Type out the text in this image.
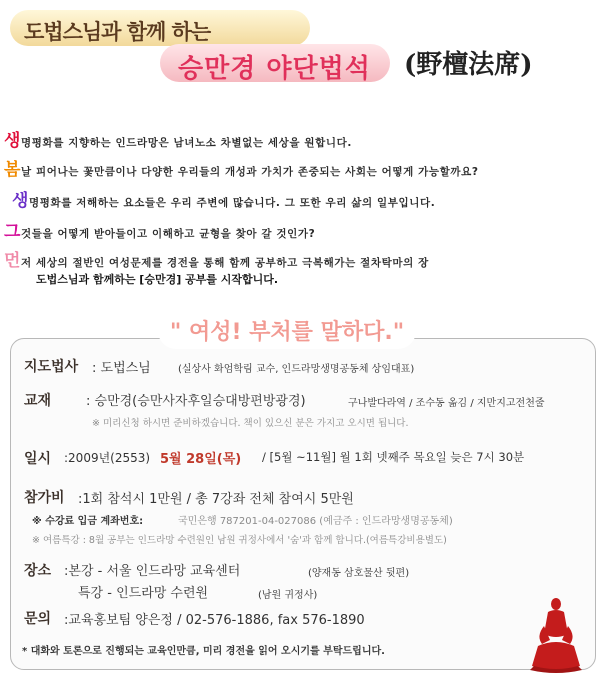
도법스님과 함께 하는
승만경 야단법석 (野檀法席)
생명평화를 지향하는 인드라망은 남녀노소 차별없는 세상을 원합니다.
봄날 피어나는 꽃만큼이나 다양한 우리들의 개성과 가치가 존중되는 사회는 어떻게 가능할까요?
생명평화를 저해하는 요소들은 우리 주변에 많습니다. 그 또한 우리 삶의 일부입니다.
그것들을 어떻게 받아들이고 이해하고 균형을 찾아 갈 것인가?
먼저 세상의 절반인 여성문제를 경전을 통해 함께 공부하고 극복해가는 절차탁마의 장
도법스님과 함께하는 [승만경] 공부를 시작합니다.
" 여성! 부처를 말하다."
지도법사 : 도법스님	(실상사 화엄학림 교수, 인드라망생명공동체 상임대표)
교재	: 승만경(승만사자후일승대방편방광경)	구나발다라역 / 조수동 옮김 / 지만지고전천줄
※ 미리신청 하시면 준비하겠습니다. 책이 있으신 분은 가지고 오시면 됩니다.
일시 :2009년(2553) 5월 28일(목) / [5월 ~11월] 월 1회 넷째주 목요일 늦은 7시 30분
참가비 :1회 참석시 1만원 / 총 7강좌 전체 참여시 5만원
※ 수강료 입금 계좌번호:	국민은행 787201-04-027086 (예금주 : 인드라망생명공동체)
※ 여름특강 : 8월 공부는 인드라망 수련원인 남원 귀정사에서 '숨'과 함께 합니다.(여름특강비용별도)
장소 :본강 - 서울 인드라망 교육센터	(양재동 삼호물산 뒷편)
특강 - 인드라망 수련원	(남원 귀정사)
문의 :교육홍보팀 양은정 / 02-576-1886, fax 576-1890
* 대화와 토론으로 진행되는 교육인만큼, 미리 경전을 읽어 오시기를 부탁드립니다.
